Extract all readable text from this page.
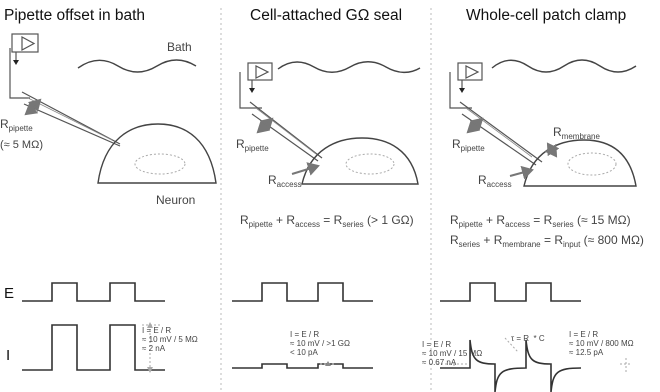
Pipette offset in bath	Cell-attached GΩ seal	Whole-cell patch clamp
Bath
Neuron
$R_{pipette}$
(≈ 5 MΩ)	$R_{pipette}$
$R_{access}$
$R_{pipette} + R_{access} = R_{series}$ (> 1 GΩ)
$R_{pipette}$
$R_{membrane}$
$R_{access}$
$R_{pipette} + R_{access} = R_{series}$ (≈ 15 MΩ)
$R_{series} + R_{membrane} = R_{input}$ (≈ 800 MΩ)
E
I
I = E / R
≈ 10 mV / 5 MΩ
≈ 2 nA
I = E / R
≈ 10 mV / >1 GΩ
< 10 pA
I = E / R
≈ 10 mV / 15 MΩ
≈ 0.67 nA
τ = R  * C	I = E / R
≈ 10 mV / 800 MΩ
≈ 12.5 pA
